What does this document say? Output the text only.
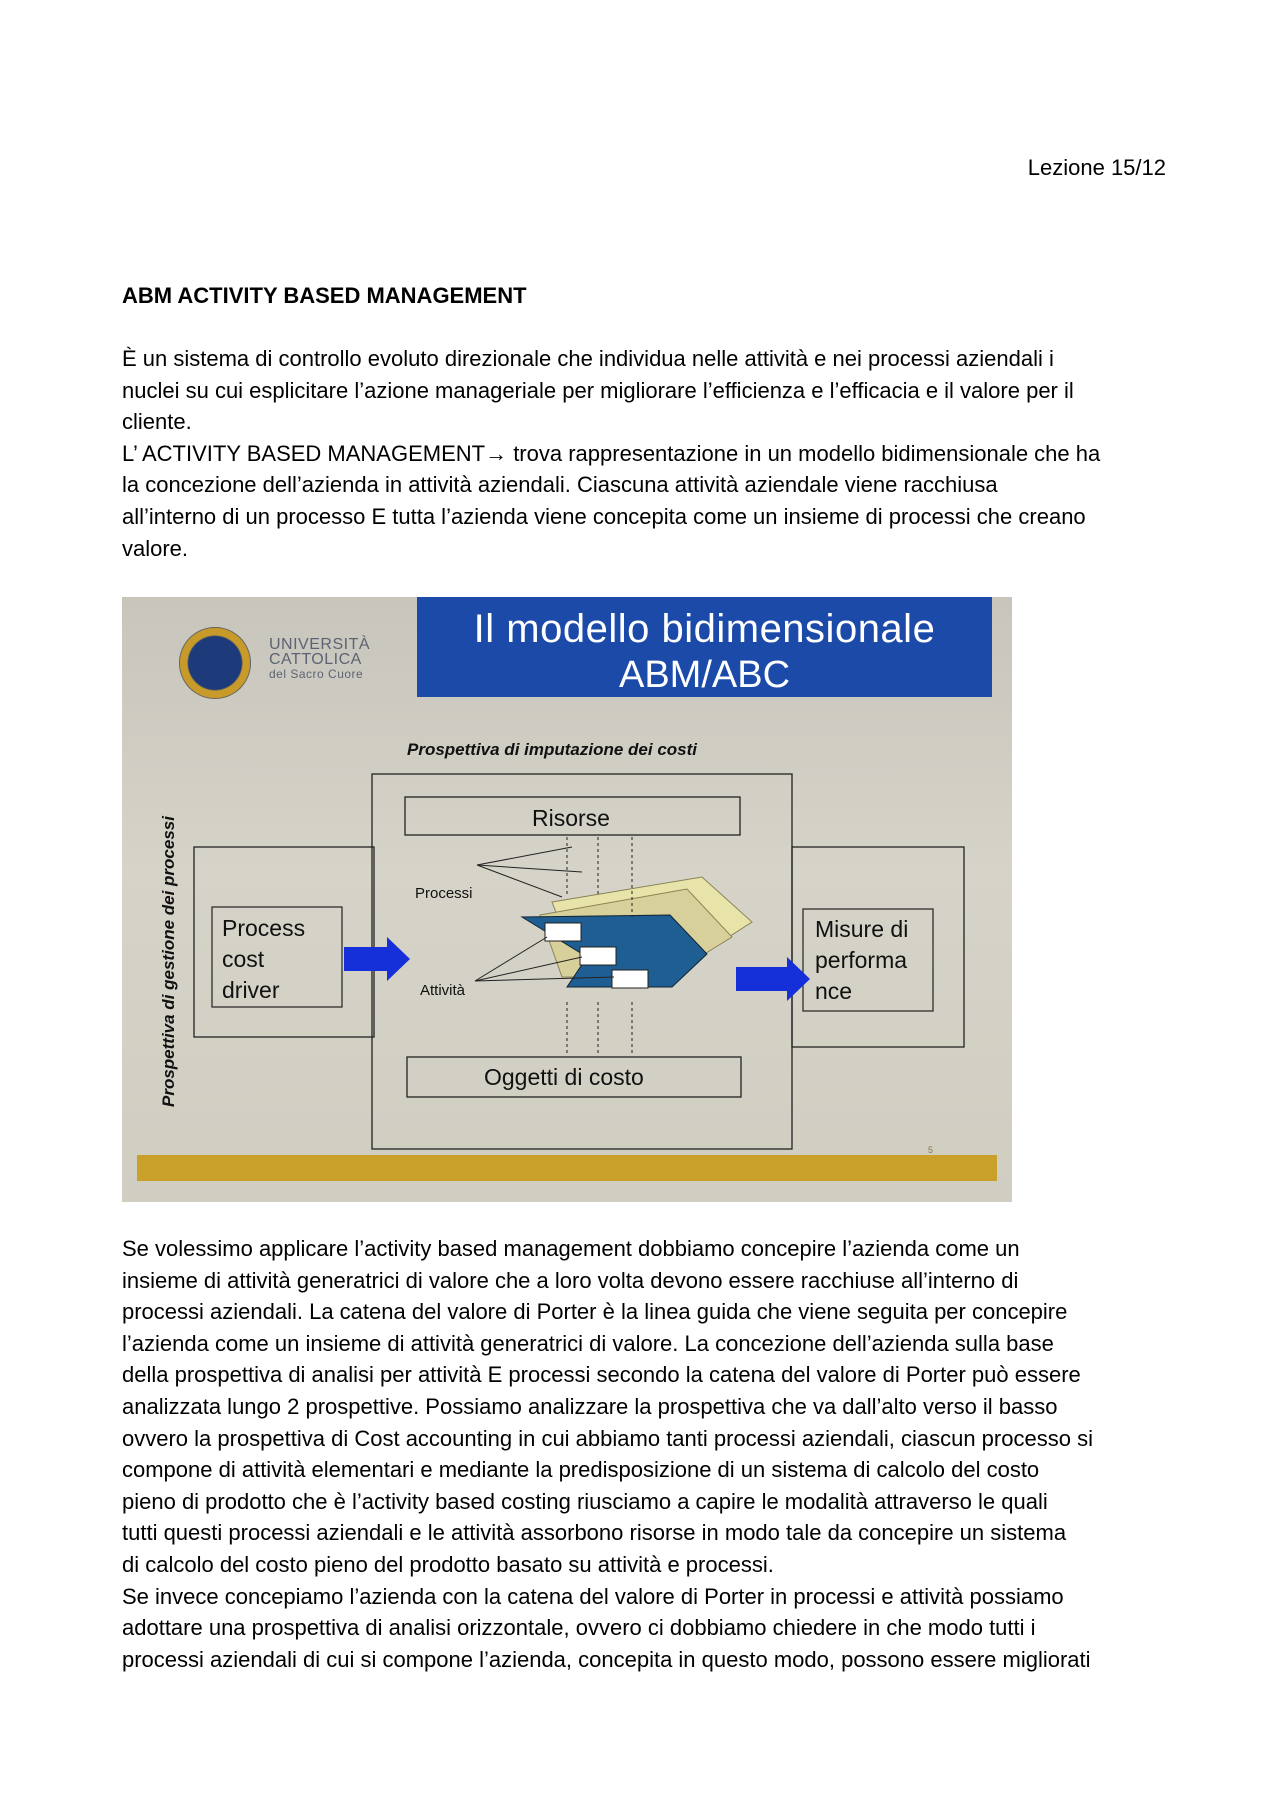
Lezione 15/12
ABM ACTIVITY BASED MANAGEMENT

È un sistema di controllo evoluto direzionale che individua nelle attività e nei processi aziendali i
nuclei su cui esplicitare l’azione manageriale per migliorare l’efficienza e l’efficacia e il valore per il
cliente.
L’ ACTIVITY BASED MANAGEMENT→ trova rappresentazione in un modello bidimensionale che ha
la concezione dell’azienda in attività aziendali. Ciascuna attività aziendale viene racchiusa
all’interno di un processo E tutta l’azienda viene concepita come un insieme di processi che creano
valore.

UNIVERSITÀ
CATTOLICA
del Sacro Cuore
Il modello bidimensionale
ABM/ABC
Prospettiva di imputazione dei costi
Prospettiva di gestione dei processi	Risorse
Oggetti di costo
Process
cost
driver
Misure di
performa
nce
Processi
Attività
5

Se volessimo applicare l’activity based management dobbiamo concepire l’azienda come un
insieme di attività generatrici di valore che a loro volta devono essere racchiuse all’interno di
processi aziendali. La catena del valore di Porter è la linea guida che viene seguita per concepire
l’azienda come un insieme di attività generatrici di valore. La concezione dell’azienda sulla base
della prospettiva di analisi per attività E processi secondo la catena del valore di Porter può essere
analizzata lungo 2 prospettive. Possiamo analizzare la prospettiva che va dall’alto verso il basso
ovvero la prospettiva di Cost accounting in cui abbiamo tanti processi aziendali, ciascun processo si
compone di attività elementari e mediante la predisposizione di un sistema di calcolo del costo
pieno di prodotto che è l’activity based costing riusciamo a capire le modalità attraverso le quali
tutti questi processi aziendali e le attività assorbono risorse in modo tale da concepire un sistema
di calcolo del costo pieno del prodotto basato su attività e processi.
Se invece concepiamo l’azienda con la catena del valore di Porter in processi e attività possiamo
adottare una prospettiva di analisi orizzontale, ovvero ci dobbiamo chiedere in che modo tutti i
processi aziendali di cui si compone l’azienda, concepita in questo modo, possono essere migliorati
